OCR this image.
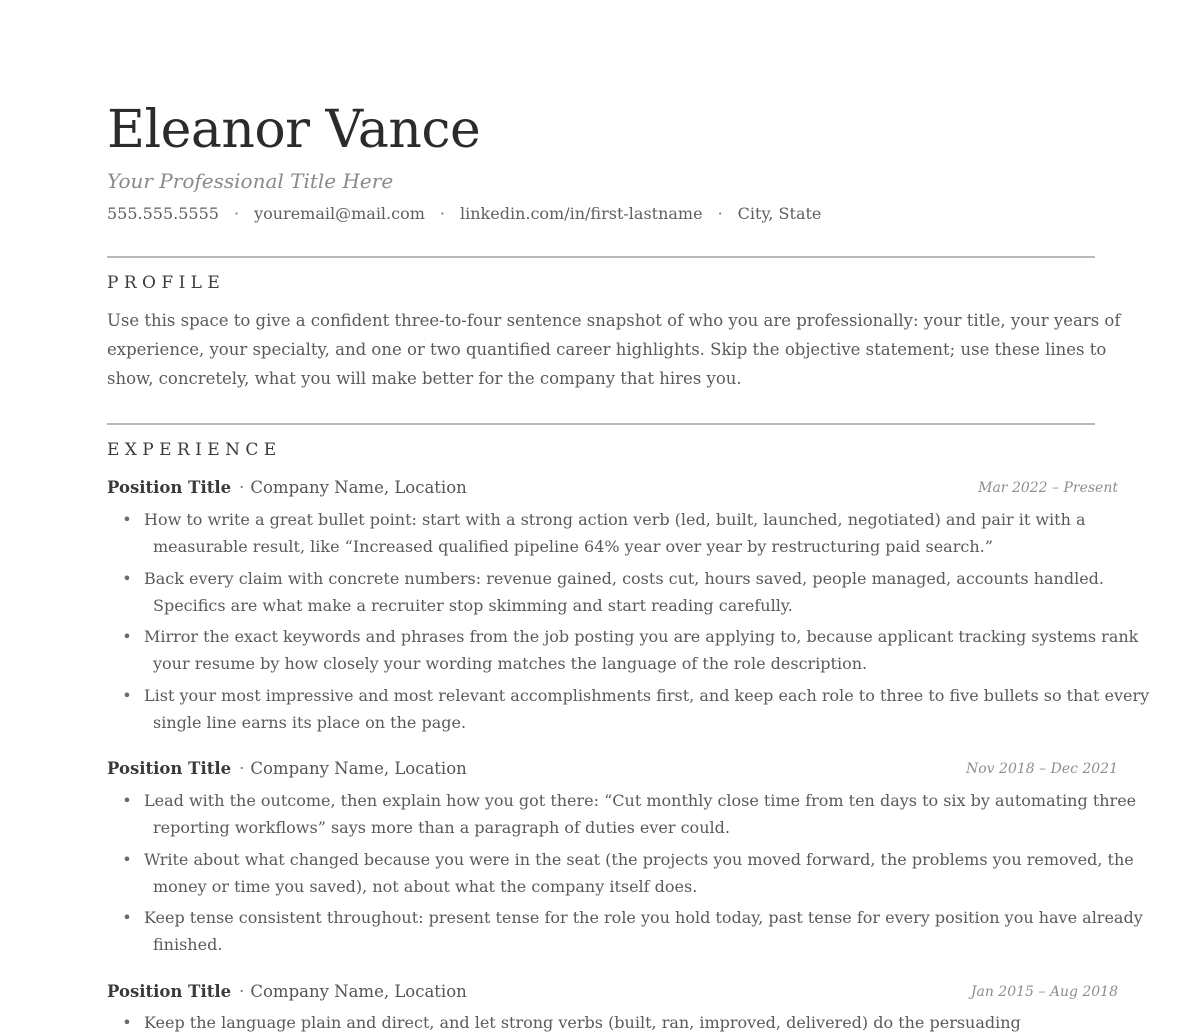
Eleanor Vance
Your Professional Title Here
555.555.5555 · youremail@mail.com · linkedin.com/in/first-lastname · City, State
PROFILE
Use this space to give a confident three-to-four sentence snapshot of who you are professionally: your title, your years of
experience, your specialty, and one or two quantified career highlights. Skip the objective statement; use these lines to
show, concretely, what you will make better for the company that hires you.
EXPERIENCE
Position Title · Company Name, Location	Mar 2022 – Present
• How to write a great bullet point: start with a strong action verb (led, built, launched, negotiated) and pair it with a
measurable result, like “Increased qualified pipeline 64% year over year by restructuring paid search.”
• Back every claim with concrete numbers: revenue gained, costs cut, hours saved, people managed, accounts handled.
Specifics are what make a recruiter stop skimming and start reading carefully.
• Mirror the exact keywords and phrases from the job posting you are applying to, because applicant tracking systems rank
your resume by how closely your wording matches the language of the role description.
• List your most impressive and most relevant accomplishments first, and keep each role to three to five bullets so that every
single line earns its place on the page.
Position Title · Company Name, Location	Nov 2018 – Dec 2021
• Lead with the outcome, then explain how you got there: “Cut monthly close time from ten days to six by automating three
reporting workflows” says more than a paragraph of duties ever could.
• Write about what changed because you were in the seat (the projects you moved forward, the problems you removed, the
money or time you saved), not about what the company itself does.
• Keep tense consistent throughout: present tense for the role you hold today, past tense for every position you have already
finished.
Position Title · Company Name, Location	Jan 2015 – Aug 2018
• Keep the language plain and direct, and let strong verbs (built, ran, improved, delivered) do the persuading
